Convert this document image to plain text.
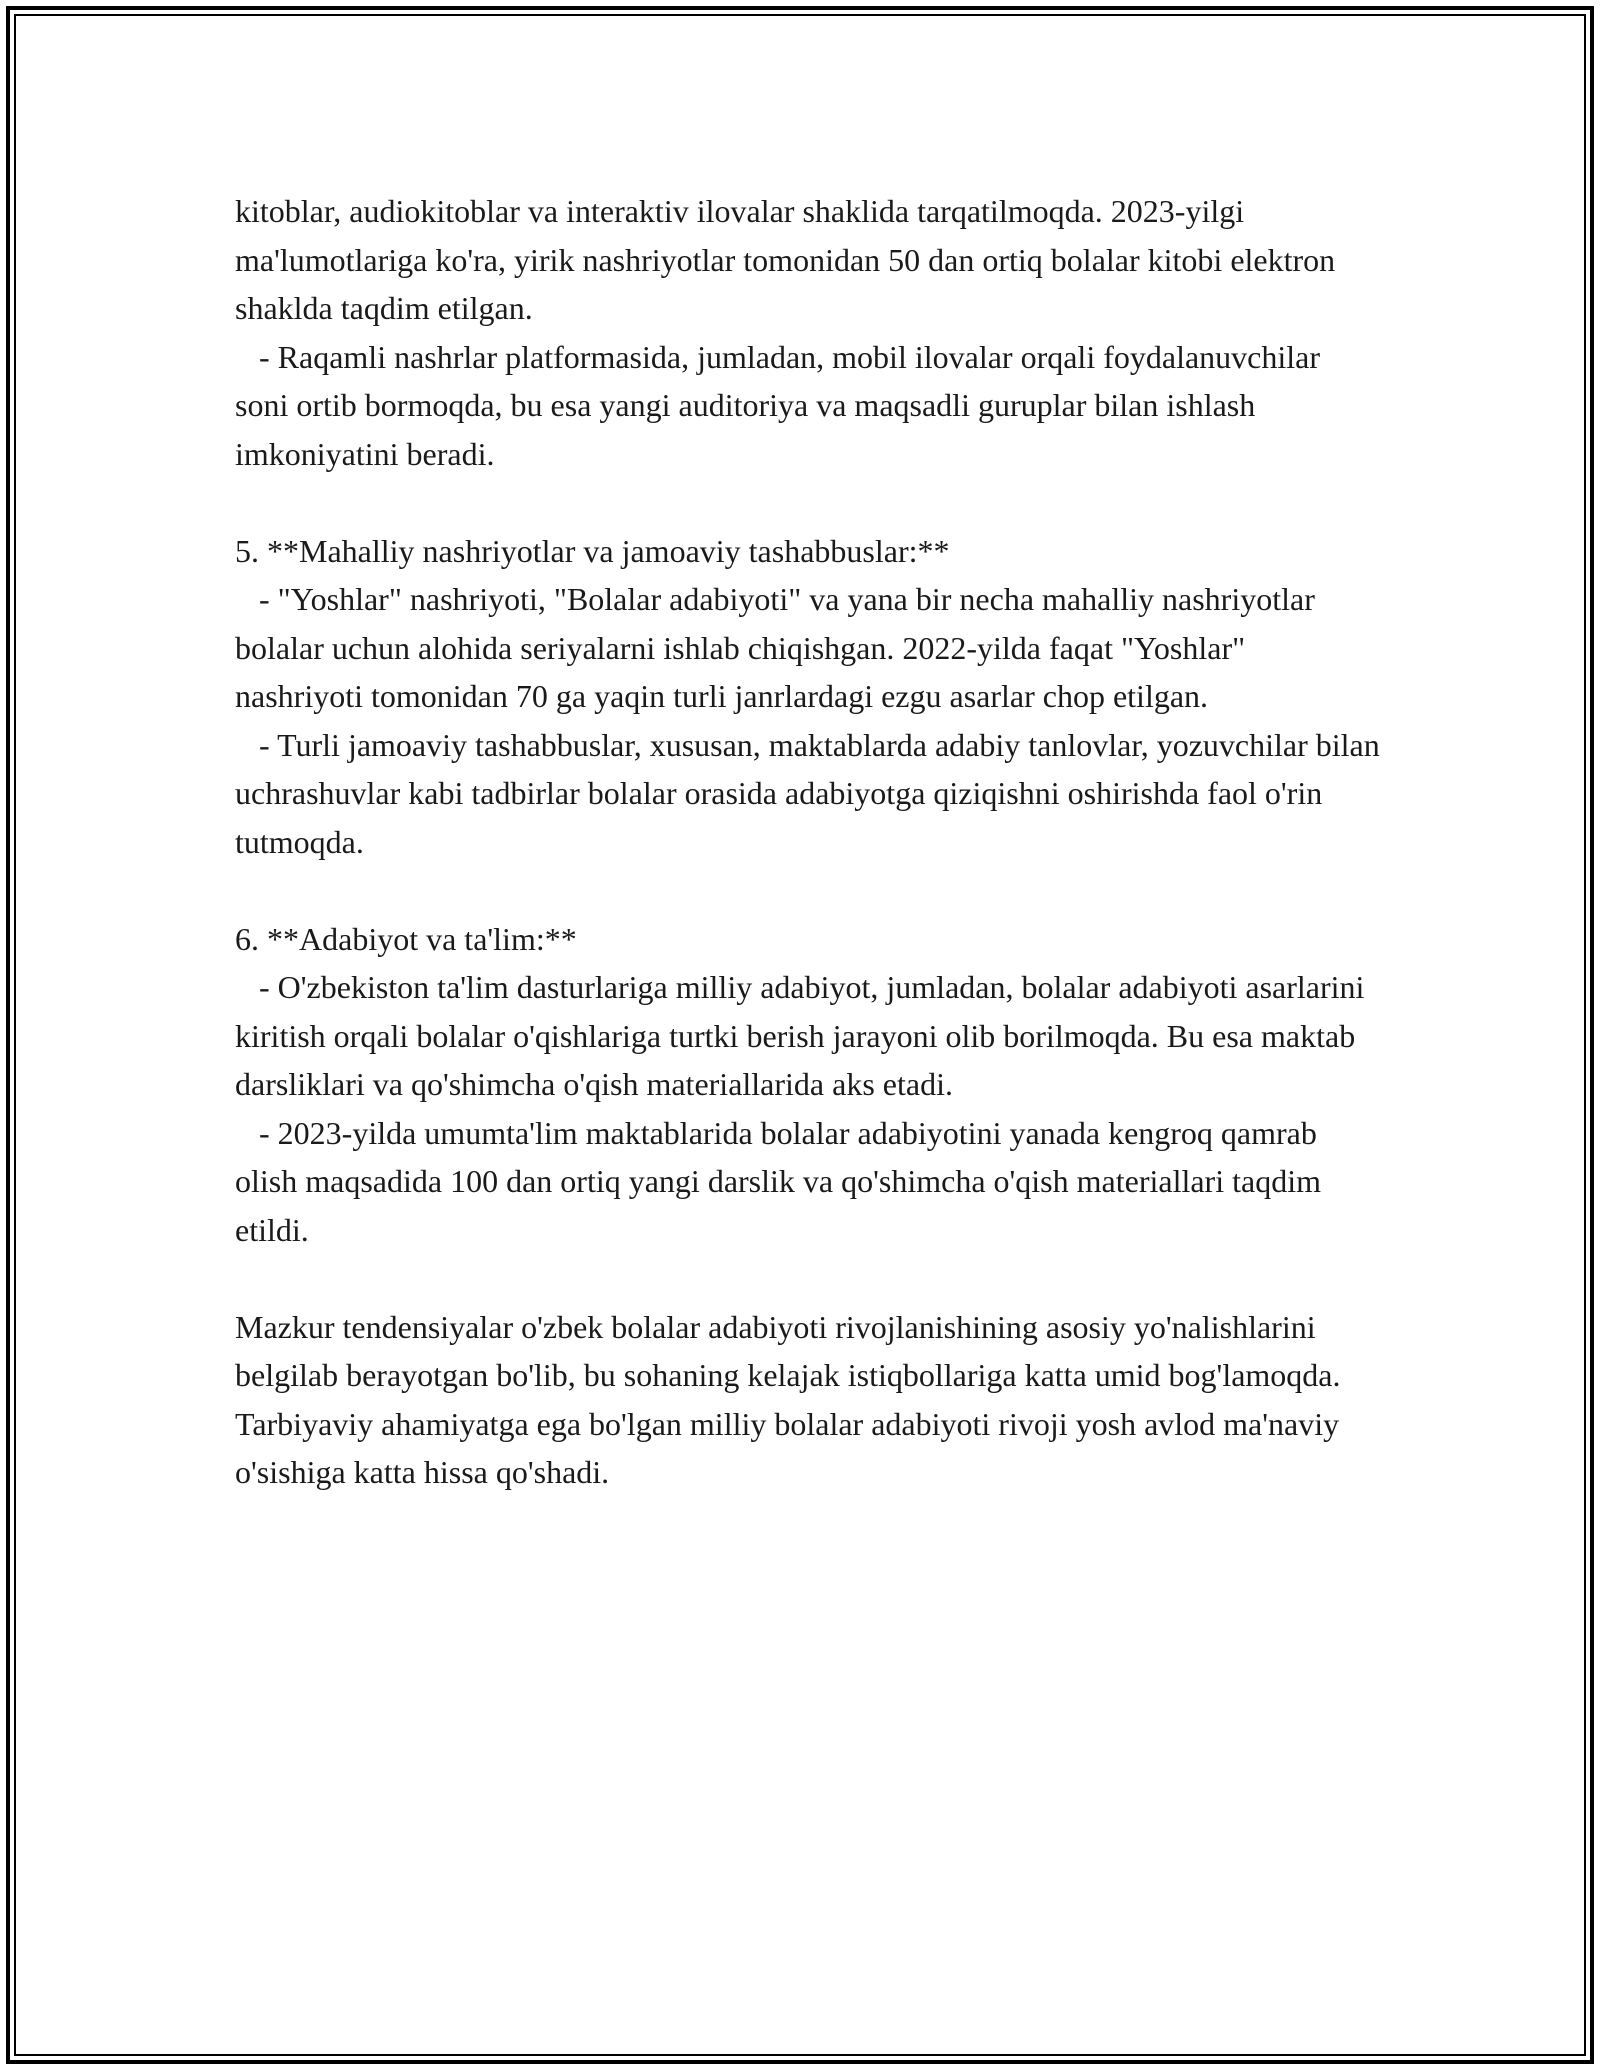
kitoblar, audiokitoblar va interaktiv ilovalar shaklida tarqatilmoqda. 2023-yilgi ma'lumotlariga ko'ra, yirik nashriyotlar tomonidan 50 dan ortiq bolalar kitobi elektron shaklda taqdim etilgan.

- Raqamli nashrlar platformasida, jumladan, mobil ilovalar orqali foydalanuvchilar soni ortib bormoqda, bu esa yangi auditoriya va maqsadli guruplar bilan ishlash imkoniyatini beradi.

5. **Mahalliy nashriyotlar va jamoaviy tashabbuslar:**

- "Yoshlar" nashriyoti, "Bolalar adabiyoti" va yana bir necha mahalliy nashriyotlar bolalar uchun alohida seriyalarni ishlab chiqishgan. 2022-yilda faqat "Yoshlar" nashriyoti tomonidan 70 ga yaqin turli janrlardagi ezgu asarlar chop etilgan.

- Turli jamoaviy tashabbuslar, xususan, maktablarda adabiy tanlovlar, yozuvchilar bilan uchrashuvlar kabi tadbirlar bolalar orasida adabiyotga qiziqishni oshirishda faol o'rin tutmoqda.

6. **Adabiyot va ta'lim:**

- O'zbekiston ta'lim dasturlariga milliy adabiyot, jumladan, bolalar adabiyoti asarlarini kiritish orqali bolalar o'qishlariga turtki berish jarayoni olib borilmoqda. Bu esa maktab darsliklari va qo'shimcha o'qish materiallarida aks etadi.

- 2023-yilda umumta'lim maktablarida bolalar adabiyotini yanada kengroq qamrab olish maqsadida 100 dan ortiq yangi darslik va qo'shimcha o'qish materiallari taqdim etildi.

Mazkur tendensiyalar o'zbek bolalar adabiyoti rivojlanishining asosiy yo'nalishlarini belgilab berayotgan bo'lib, bu sohaning kelajak istiqbollariga katta umid bog'lamoqda. Tarbiyaviy ahamiyatga ega bo'lgan milliy bolalar adabiyoti rivoji yosh avlod ma'naviy o'sishiga katta hissa qo'shadi.
